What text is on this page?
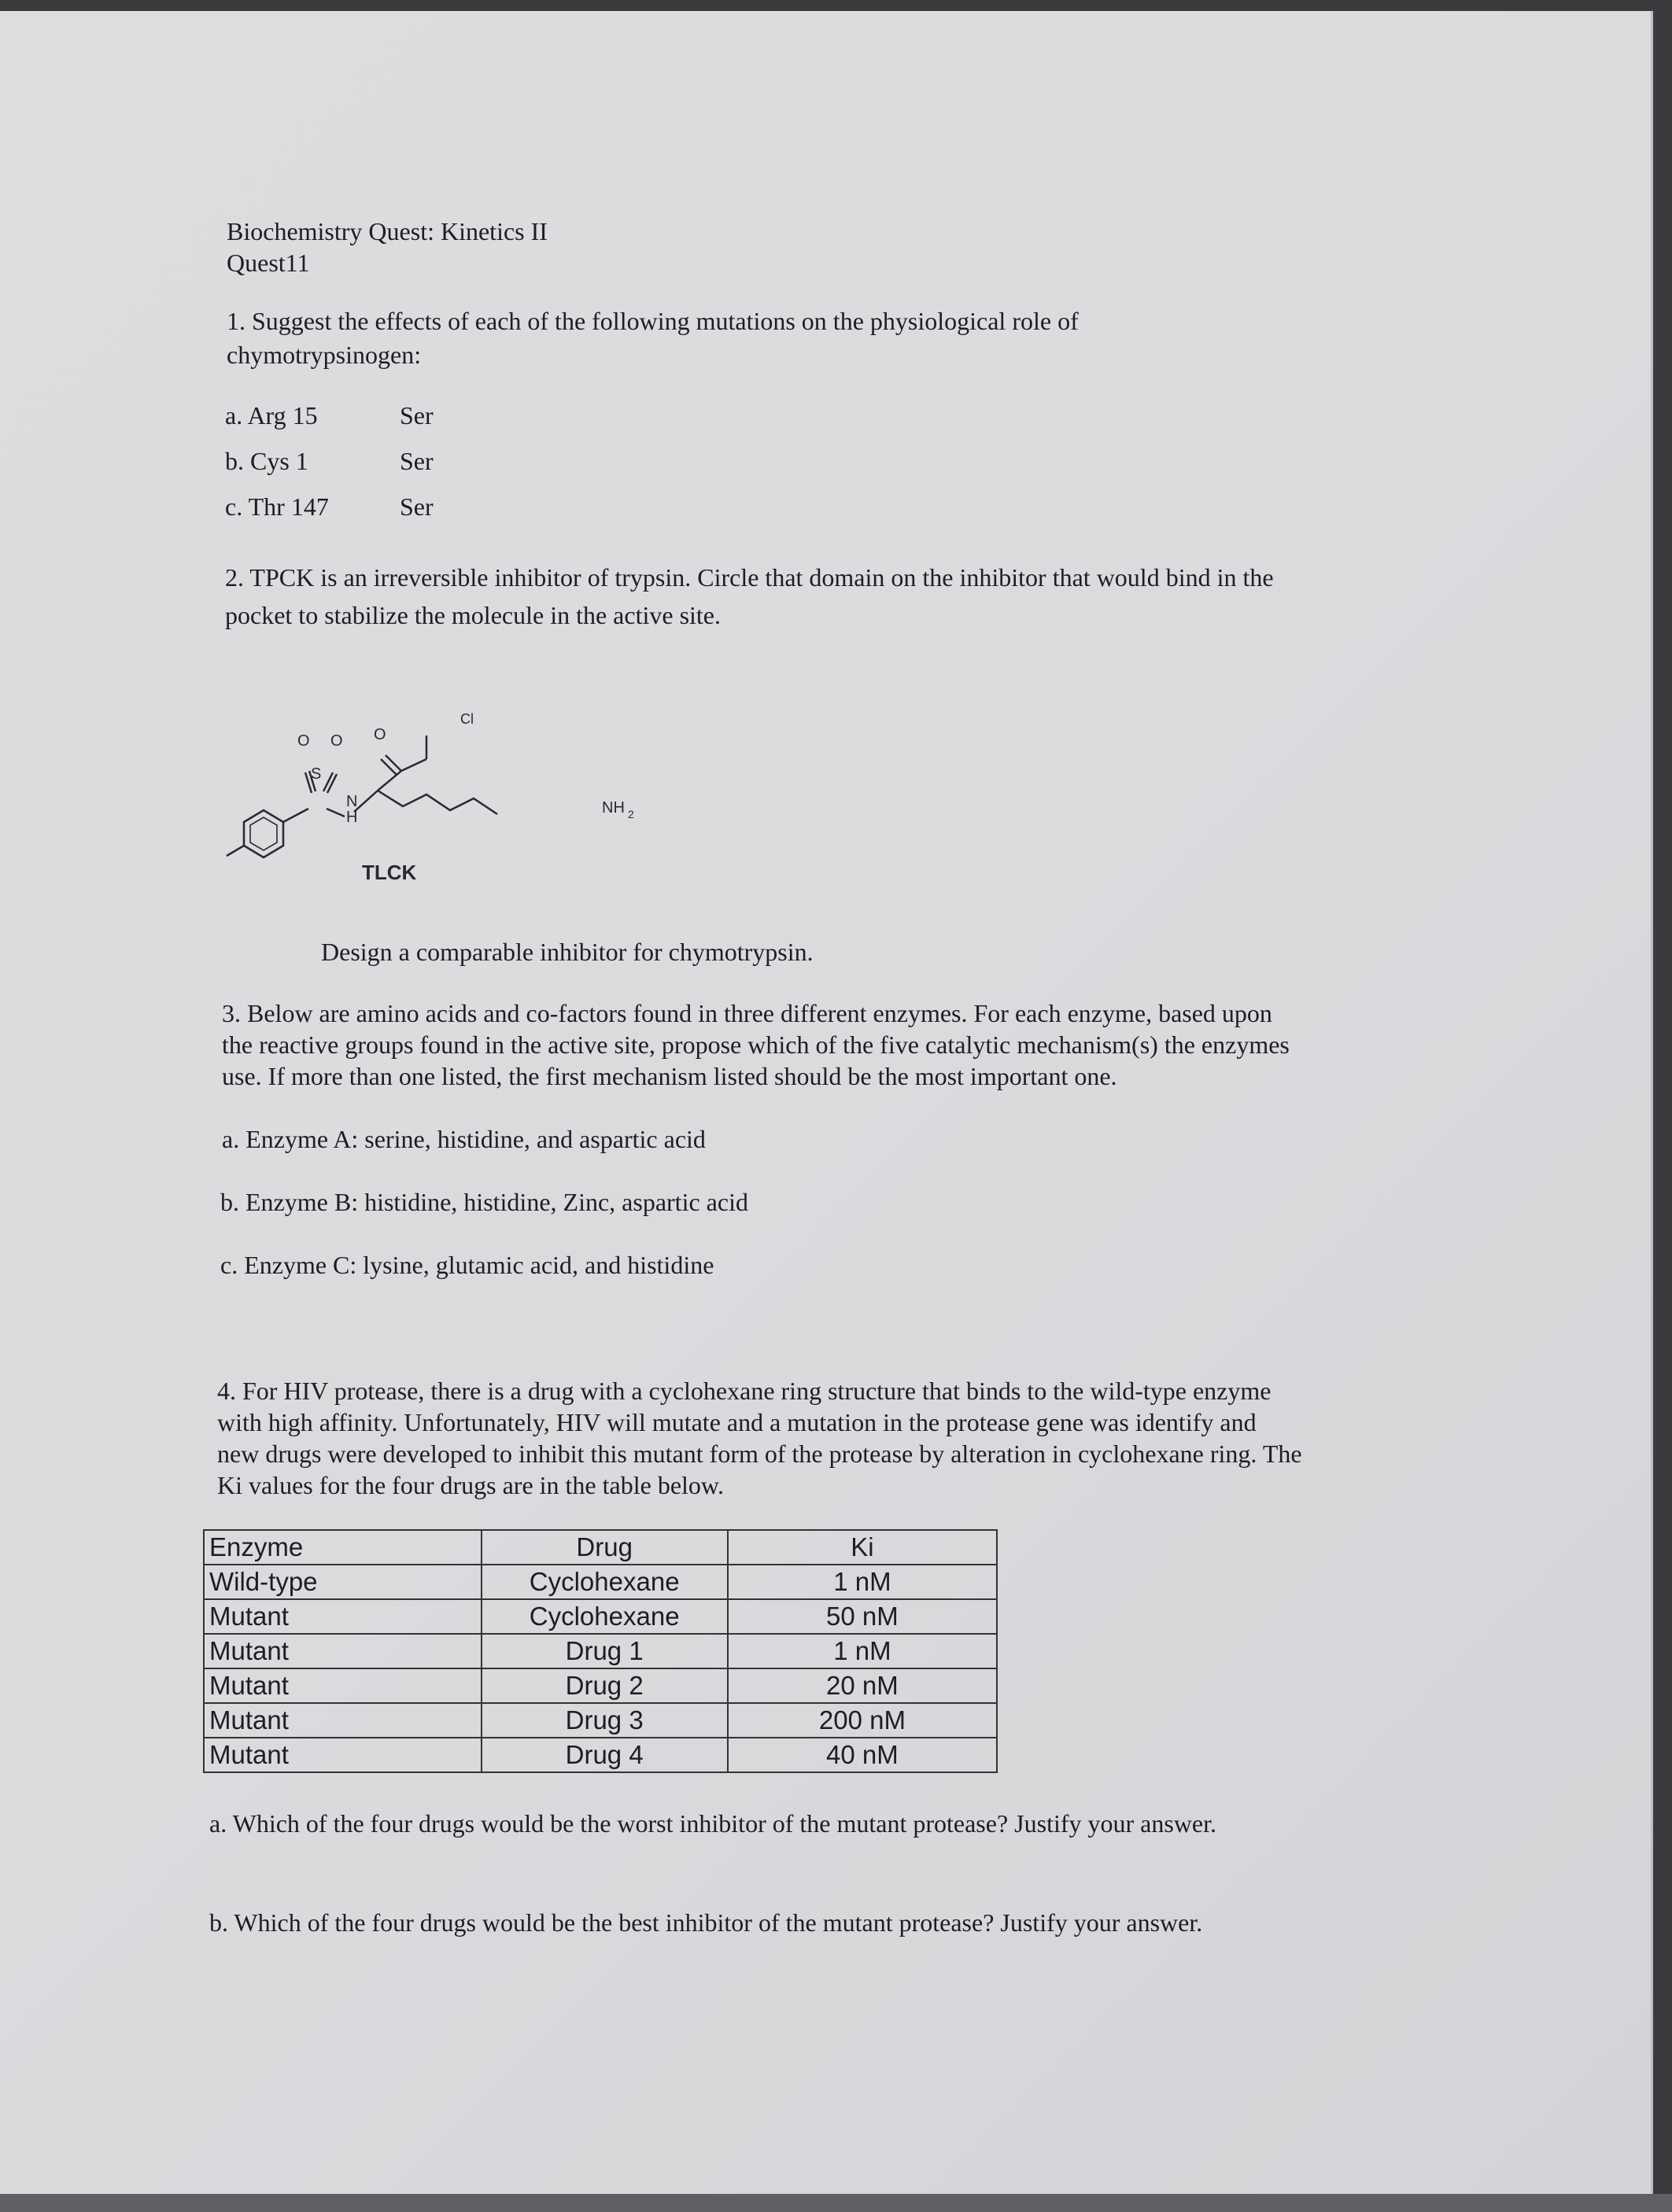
Biochemistry Quest: Kinetics II
Quest11
1. Suggest the effects of each of the following mutations on the physiological role of
chymotrypsinogen:
a. Arg 15	Ser
b. Cys 1	Ser
c. Thr 147	Ser
2. TPCK is an irreversible inhibitor of trypsin. Circle that domain on the inhibitor that would bind in the
pocket to stabilize the molecule in the active site.
O O O
S
N
H
Cl
NH 2
TLCK
Design a comparable inhibitor for chymotrypsin.
3. Below are amino acids and co-factors found in three different enzymes. For each enzyme, based upon
the reactive groups found in the active site, propose which of the five catalytic mechanism(s) the enzymes
use. If more than one listed, the first mechanism listed should be the most important one.
a. Enzyme A: serine, histidine, and aspartic acid
b. Enzyme B: histidine, histidine, Zinc, aspartic acid
c. Enzyme C: lysine, glutamic acid, and histidine
4. For HIV protease, there is a drug with a cyclohexane ring structure that binds to the wild-type enzyme
with high affinity. Unfortunately, HIV will mutate and a mutation in the protease gene was identify and
new drugs were developed to inhibit this mutant form of the protease by alteration in cyclohexane ring. The
Ki values for the four drugs are in the table below.
Enzyme	Drug	Ki
Wild-type	Cyclohexane	1 nM
Mutant	Cyclohexane	50 nM
Mutant	Drug 1	1 nM
Mutant	Drug 2	20 nM
Mutant	Drug 3	200 nM
Mutant	Drug 4	40 nM
a. Which of the four drugs would be the worst inhibitor of the mutant protease? Justify your answer.
b. Which of the four drugs would be the best inhibitor of the mutant protease? Justify your answer.
